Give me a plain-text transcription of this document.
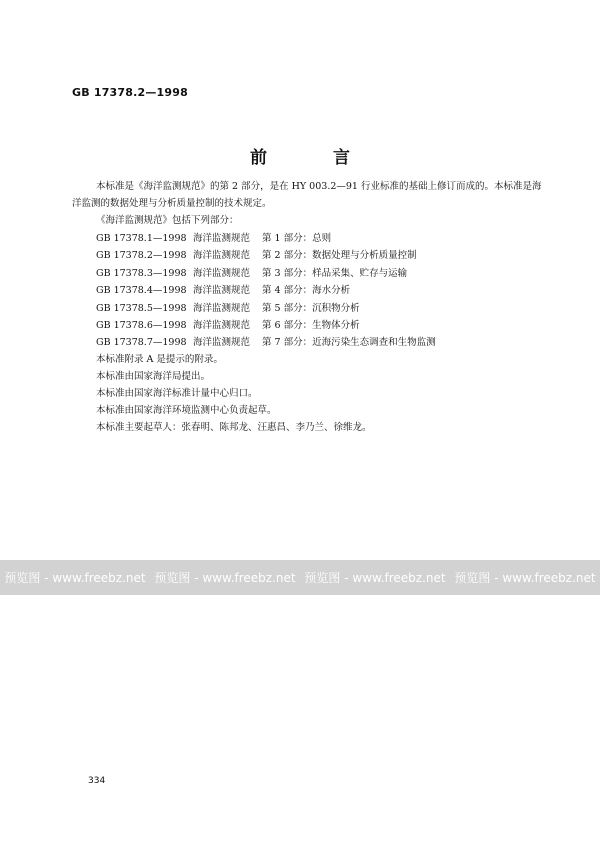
GB 17378.2—1998
前 言
本标准是《海洋监测规范》的第 2 部分，是在 HY 003.2—91 行业标准的基础上修订而成的。本标准是海洋监测的数据处理与分析质量控制的技术规定。
《海洋监测规范》包括下列部分：
GB 17378.1—1998 海洋监测规范 第 1 部分：总则
GB 17378.2—1998 海洋监测规范 第 2 部分：数据处理与分析质量控制
GB 17378.3—1998 海洋监测规范 第 3 部分：样品采集、贮存与运输
GB 17378.4—1998 海洋监测规范 第 4 部分：海水分析
GB 17378.5—1998 海洋监测规范 第 5 部分：沉积物分析
GB 17378.6—1998 海洋监测规范 第 6 部分：生物体分析
GB 17378.7—1998 海洋监测规范 第 7 部分：近海污染生态调查和生物监测
本标准附录 A 是提示的附录。
本标准由国家海洋局提出。
本标准由国家海洋标准计量中心归口。
本标准由国家海洋环境监测中心负责起草。
本标准主要起草人：张春明、陈邦龙、汪惠昌、李乃兰、徐维龙。
预览图 - www.freebz.net 预览图 - www.freebz.net 预览图 - www.freebz.net 预览图 - www.freebz.net
334
